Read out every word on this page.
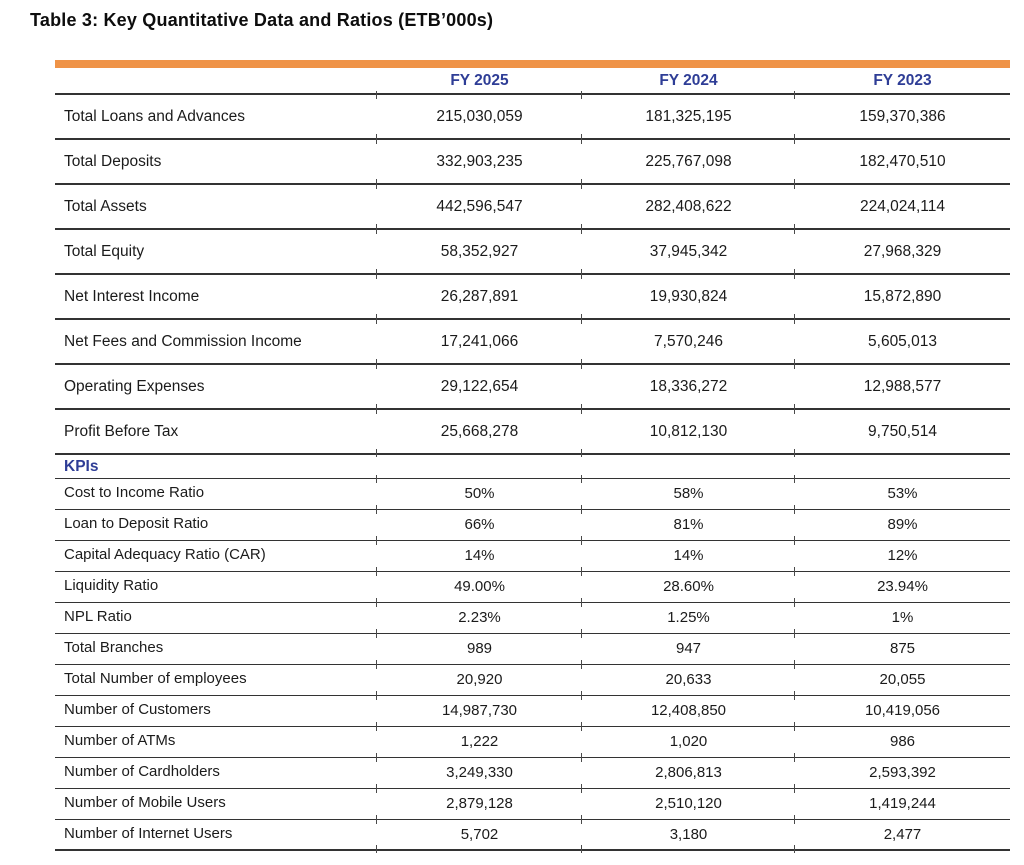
Table 3: Key Quantitative Data and Ratios (ETB’000s)
	FY 2025	FY 2024	FY 2023
Total Loans and Advances	215,030,059	181,325,195	159,370,386
Total Deposits	332,903,235	225,767,098	182,470,510
Total Assets	442,596,547	282,408,622	224,024,114
Total Equity	58,352,927	37,945,342	27,968,329
Net Interest Income	26,287,891	19,930,824	15,872,890
Net Fees and Commission Income	17,241,066	7,570,246	5,605,013
Operating Expenses	29,122,654	18,336,272	12,988,577
Profit Before Tax	25,668,278	10,812,130	9,750,514
KPIs			
Cost to Income Ratio	50%	58%	53%
Loan to Deposit Ratio	66%	81%	89%
Capital Adequacy Ratio (CAR)	14%	14%	12%
Liquidity Ratio	49.00%	28.60%	23.94%
NPL Ratio	2.23%	1.25%	1%
Total Branches	989	947	875
Total Number of employees	20,920	20,633	20,055
Number of Customers	14,987,730	12,408,850	10,419,056
Number of ATMs	1,222	1,020	986
Number of Cardholders	3,249,330	2,806,813	2,593,392
Number of Mobile Users	2,879,128	2,510,120	1,419,244
Number of Internet Users	5,702	3,180	2,477
